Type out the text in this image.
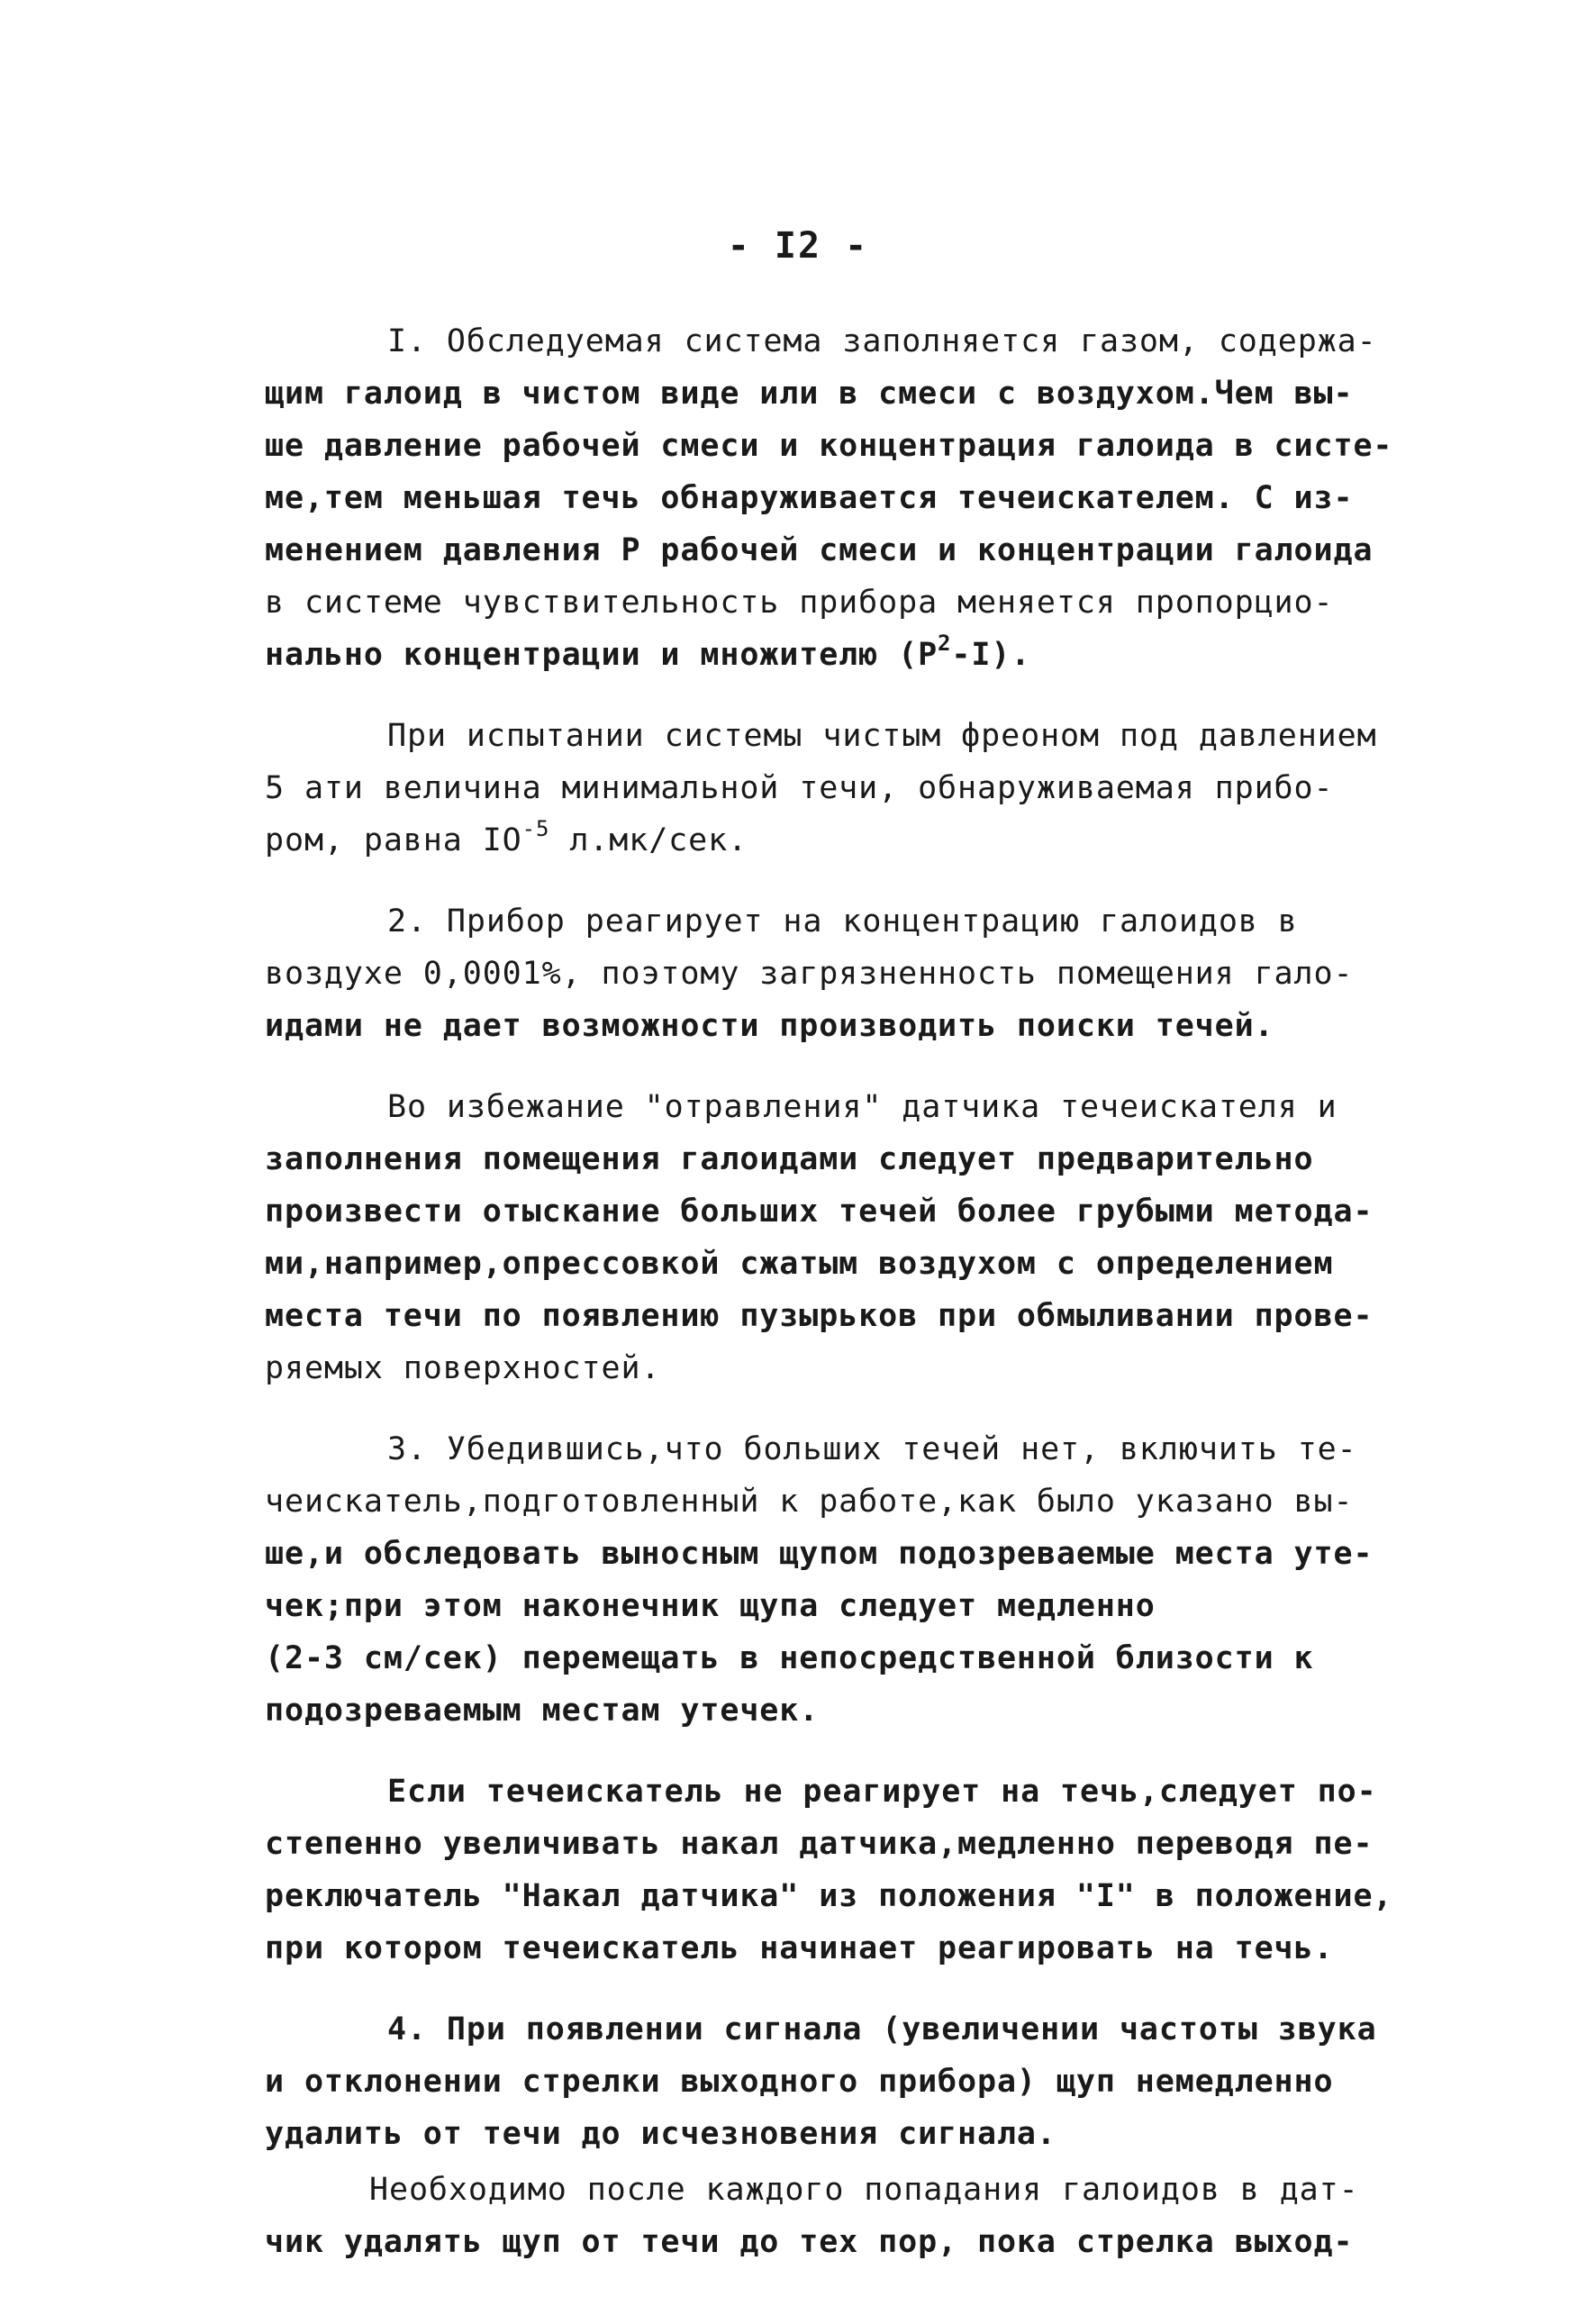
- I2 -
I. Обследуемая система заполняется газом, содержа-
щим галоид в чистом виде или в смеси с воздухом.Чем вы-
ше давление рабочей смеси и концентрация галоида в систе-
ме,тем меньшая течь обнаруживается течеискателем. С из-
менением давления Р рабочей смеси и концентрации галоида
в системе чувствительность прибора меняется пропорцио-
нально концентрации и множителю $(Р^2-I)$.
При испытании системы чистым фреоном под давлением
5 ати величина минимальной течи, обнаруживаемая прибо-
ром, равна $IO^{-5}$ л.мк/сек.
2. Прибор реагирует на концентрацию галоидов в
воздухе 0,0001%, поэтому загрязненность помещения гало-
идами не дает возможности производить поиски течей.
Во избежание "отравления" датчика течеискателя и
заполнения помещения галоидами следует предварительно
произвести отыскание больших течей более грубыми метода-
ми,например,опрессовкой сжатым воздухом с определением
места течи по появлению пузырьков при обмыливании прове-
ряемых поверхностей.
3. Убедившись,что больших течей нет, включить те-
чеискатель,подготовленный к работе,как было указано вы-
ше,и обследовать выносным щупом подозреваемые места уте-
чек;при этом наконечник щупа следует медленно
(2-3 см/сек) перемещать в непосредственной близости к
подозреваемым местам утечек.
Если течеискатель не реагирует на течь,следует по-
степенно увеличивать накал датчика,медленно переводя пе-
реключатель "Накал датчика" из положения "I" в положение,
при котором течеискатель начинает реагировать на течь.
4. При появлении сигнала (увеличении частоты звука
и отклонении стрелки выходного прибора) щуп немедленно
удалить от течи до исчезновения сигнала.
Необходимо после каждого попадания галоидов в дат-
чик удалять щуп от течи до тех пор, пока стрелка выход-
